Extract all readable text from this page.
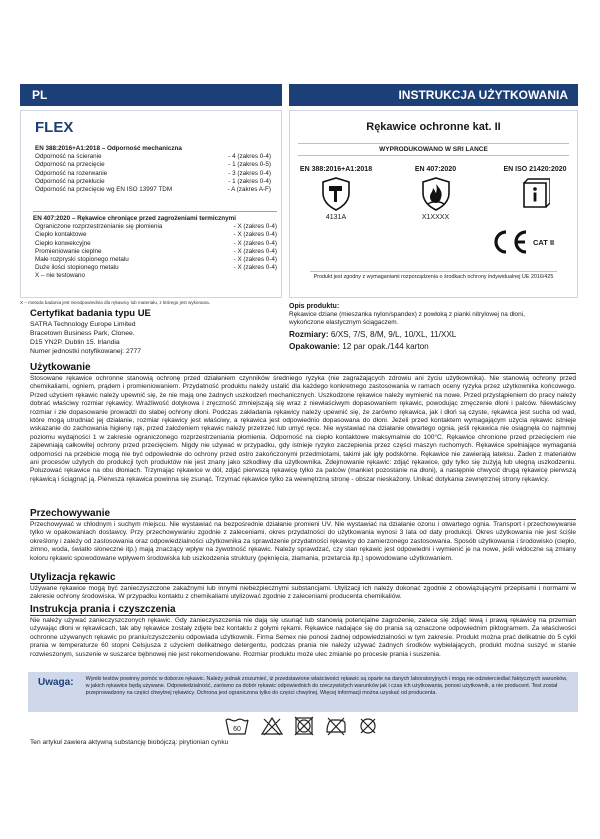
PL	INSTRUKCJA UŻYTKOWANIA
FLEX
EN 388:2016+A1:2018 – Odporność mechaniczna
Odporność na ścieranie	- 4 (zakres 0-4)
Odporność na przecięcie	- 1 (zakres 0-5)
Odporność na rozerwanie	- 3 (zakres 0-4)
Odporność na przekłucie	- 1 (zakres 0-4)
Odporność na przecięcie wg EN ISO 13997 TDM	- A (zakres A-F)
EN 407:2020 – Rękawice chroniące przed zagrożeniami termicznymi
Ograniczone rozprzestrzenianie się płomienia	- X (zakres 0-4)
Ciepło kontaktowe	- X (zakres 0-4)
Ciepło konwekcyjne	- X (zakres 0-4)
Promieniowanie cieplne	- X (zakres 0-4)
Małe rozpryski stopionego metalu	- X (zakres 0-4)
Duże ilości stopionego metalu	- X (zakres 0-4)
X – nie testowano
X – metoda badania jest nieodpowiednia dla rękawicy lub materiału, z którego jest wykonana.
Certyfikat badania typu UE
SATRA Technology Europe Limited
Bracetown Business Park, Clonee.
D15 YN2P. Dublin 15. Irlandia
Numer jednostki notyfikowanej: 2777
Rękawice ochronne kat. II
WYPRODUKOWANO W SRI LANCE
EN 388:2016+A1:2018
4131A
EN 407:2020
X1XXXX
EN ISO 21420:2020
CAT II
Produkt jest zgodny z wymaganiami rozporządzenia o środkach ochrony indywidualnej UE 2016/425
Opis produktu:
Rękawice dziane (mieszanka nylon/spandex) z powłoką z pianki nitrylowej na dłoni, wykończone elastycznym ściągaczem.
Rozmiary: 6/XS, 7/S, 8/M, 9/L, 10/XL, 11/XXL
Opakowanie: 12 par opak./144 karton
Użytkowanie
Stosowane rękawice ochronne stanowią ochronę przed działaniem czynników średniego ryzyka (nie zagrażających zdrowiu ani życiu użytkownika). Nie stanowią ochrony przed chemikaliami, ogniem, prądem i promieniowaniem. Przydatność produktu należy ustalić dla każdego konkretnego zastosowania w ramach oceny ryzyka przez użytkownika końcowego. Przed użyciem rękawic należy upewnić się, że nie mają one żadnych uszkodzeń mechanicznych. Uszkodzone rękawice należy wymienić na nowe. Przed przystąpieniem do pracy należy dobrać właściwy rozmiar rękawicy. Wrażliwość dotykowa i zręczność zmniejszają się wraz z niewłaściwym dopasowaniem rękawic, powodując zmęczenie dłoni i palców. Niewłaściwy rozmiar i złe dopasowanie prowadzi do słabej ochrony dłoni. Podczas zakładania rękawicy należy upewnić się, że zarówno rękawica, jak i dłoń są czyste, rękawica jest sucha od wad, które mogą utrudniać jej działanie, rozmiar rękawicy jest właściwy, a rękawica jest odpowiednio dopasowana do dłoni. Jeżeli przed kontaktem wymagającym użycia rękawic istnieje wskazanie do zachowania higieny rąk, przed założeniem rękawic należy przetrzeć lub umyć ręce. Nie wystawiać na działanie otwartego ognia, jeśli rękawica nie osiągnęła co najmniej poziomu wydajności 1 w zakresie ograniczonego rozprzestrzeniania płomienia. Odporność na ciepło kontaktowe maksymalnie do 100°C. Rękawice chronione przed przecięciem nie zapewniają całkowitej ochrony przed przecięciem. Nigdy nie używać w przypadku, gdy istnieje ryzyko zaczepienia przez części maszyn ruchomych. Rękawice spełniające wymagania odporności na przebicie mogą nie być odpowiednie do ochrony przed ostro zakończonymi przedmiotami, takimi jak igły podskórne. Rękawice nie zawierają lateksu. Żaden z materiałów ani procesów użytych do produkcji tych produktów nie jest znany jako szkodliwy dla użytkownika. Zdejmowanie rękawic: zdjąć rękawice, gdy tylko się zużyją lub ulegną uszkodzeniu. Poluzować rękawice na obu dłoniach. Trzymając rękawice w dół, zdjąć pierwszą rękawicę tylko za palców (mankiet pozostanie na dłoni), a następnie chwycić drugą rękawicę pierwszą rękawicą i ściągnąć ją. Pierwsza rękawica powinna się zsunąć. Trzymać rękawice tylko za wewnętrzną stronę - obszar nieskażony. Unikać dotykania zewnętrznej strony rękawicy.
Przechowywanie
Przechowywać w chłodnym i suchym miejscu. Nie wystawiać na bezpośrednie działanie promieni UV. Nie wystawiać na działanie ozonu i otwartego ognia. Transport i przechowywanie tylko w opakowaniach dostawcy. Przy przechowywaniu zgodnie z zaleceniami, okres przydatności do użytkowania wynosi 3 lata od daty produkcji. Okres użytkowania nie jest ściśle określony i zależy od zastosowania oraz odpowiedzialności użytkownika za sprawdzenie przydatności rękawicy do zamierzonego zastosowania. Sposób użytkowania i środowisko (ciepło, zimno, woda, światło słoneczne itp.) mają znaczący wpływ na żywotność rękawic. Należy sprawdzać, czy stan rękawic jest odpowiedni i wymienić je na nowe, jeśli widoczne są zmiany koloru rękawic spowodowane wpływem środowiska lub uszkodzenia struktury (pęknięcia, złamania, przetarcia itp.) spowodowane użytkowaniem.
Utylizacja rękawic
Używane rękawice mogą być zanieczyszczone zakaźnymi lub innymi niebezpiecznymi substancjami. Utylizacji ich należy dokonać zgodnie z obowiązującymi przepisami i normami w zakresie ochrony środowiska. W przypadku kontaktu z chemikaliami utylizować zgodnie z zaleceniami producenta chemikaliów.
Instrukcja prania i czyszczenia
Nie należy używać zanieczyszczonych rękawic. Gdy zanieczyszczenia nie dają się usunąć lub stanowią potencjalne zagrożenie, zaleca się zdjąć lewą i prawą rękawicę na przemian używając dłoni w rękawicach, tak aby rękawice zostały zdjęte bez kontaktu z gołymi rękami. Rękawice nadające się do prania są oznaczone odpowiednim piktogramem. Za właściwości ochronne używanych rękawic po praniu/czyszczeniu odpowiada użytkownik. Firma Semex nie ponosi żadnej odpowiedzialności w tym zakresie. Produkt można prać delikatnie do 5 cykli prania w temperaturze 60 stopni Celsjusza z użyciem delikatnego detergentu, podczas prania nie należy używać żadnych środków wybielających, produkt można suszyć w stanie rozwieszonym, suszenie w suszarce bębnowej nie jest rekomendowane. Rozmiar produktu może ulec zmianie po procesie prania i suszenia.
Uwaga:	Wyniki testów powinny pomóc w doborze rękawic. Należy jednak zrozumieć, iż przedstawione właściwości rękawic są oparte na danych laboratoryjnych i mogą nie odzwierciedlać faktycznych warunków, w jakich rękawice będą używane. Odpowiedzialność, zarówno za dobór rękawic odpowiednich do rzeczywistych warunków jak i czas ich użytkowania, ponosi użytkownik, a nie producent. Test został przeprowadzony na części chwytnej rękawicy. Ochrona jest ograniczona tylko do części chwytnej. Więcej informacji można uzyskać od producenta.
60
Ten artykuł zawiera aktywną substancję biobójczą: pirytionian cynku
